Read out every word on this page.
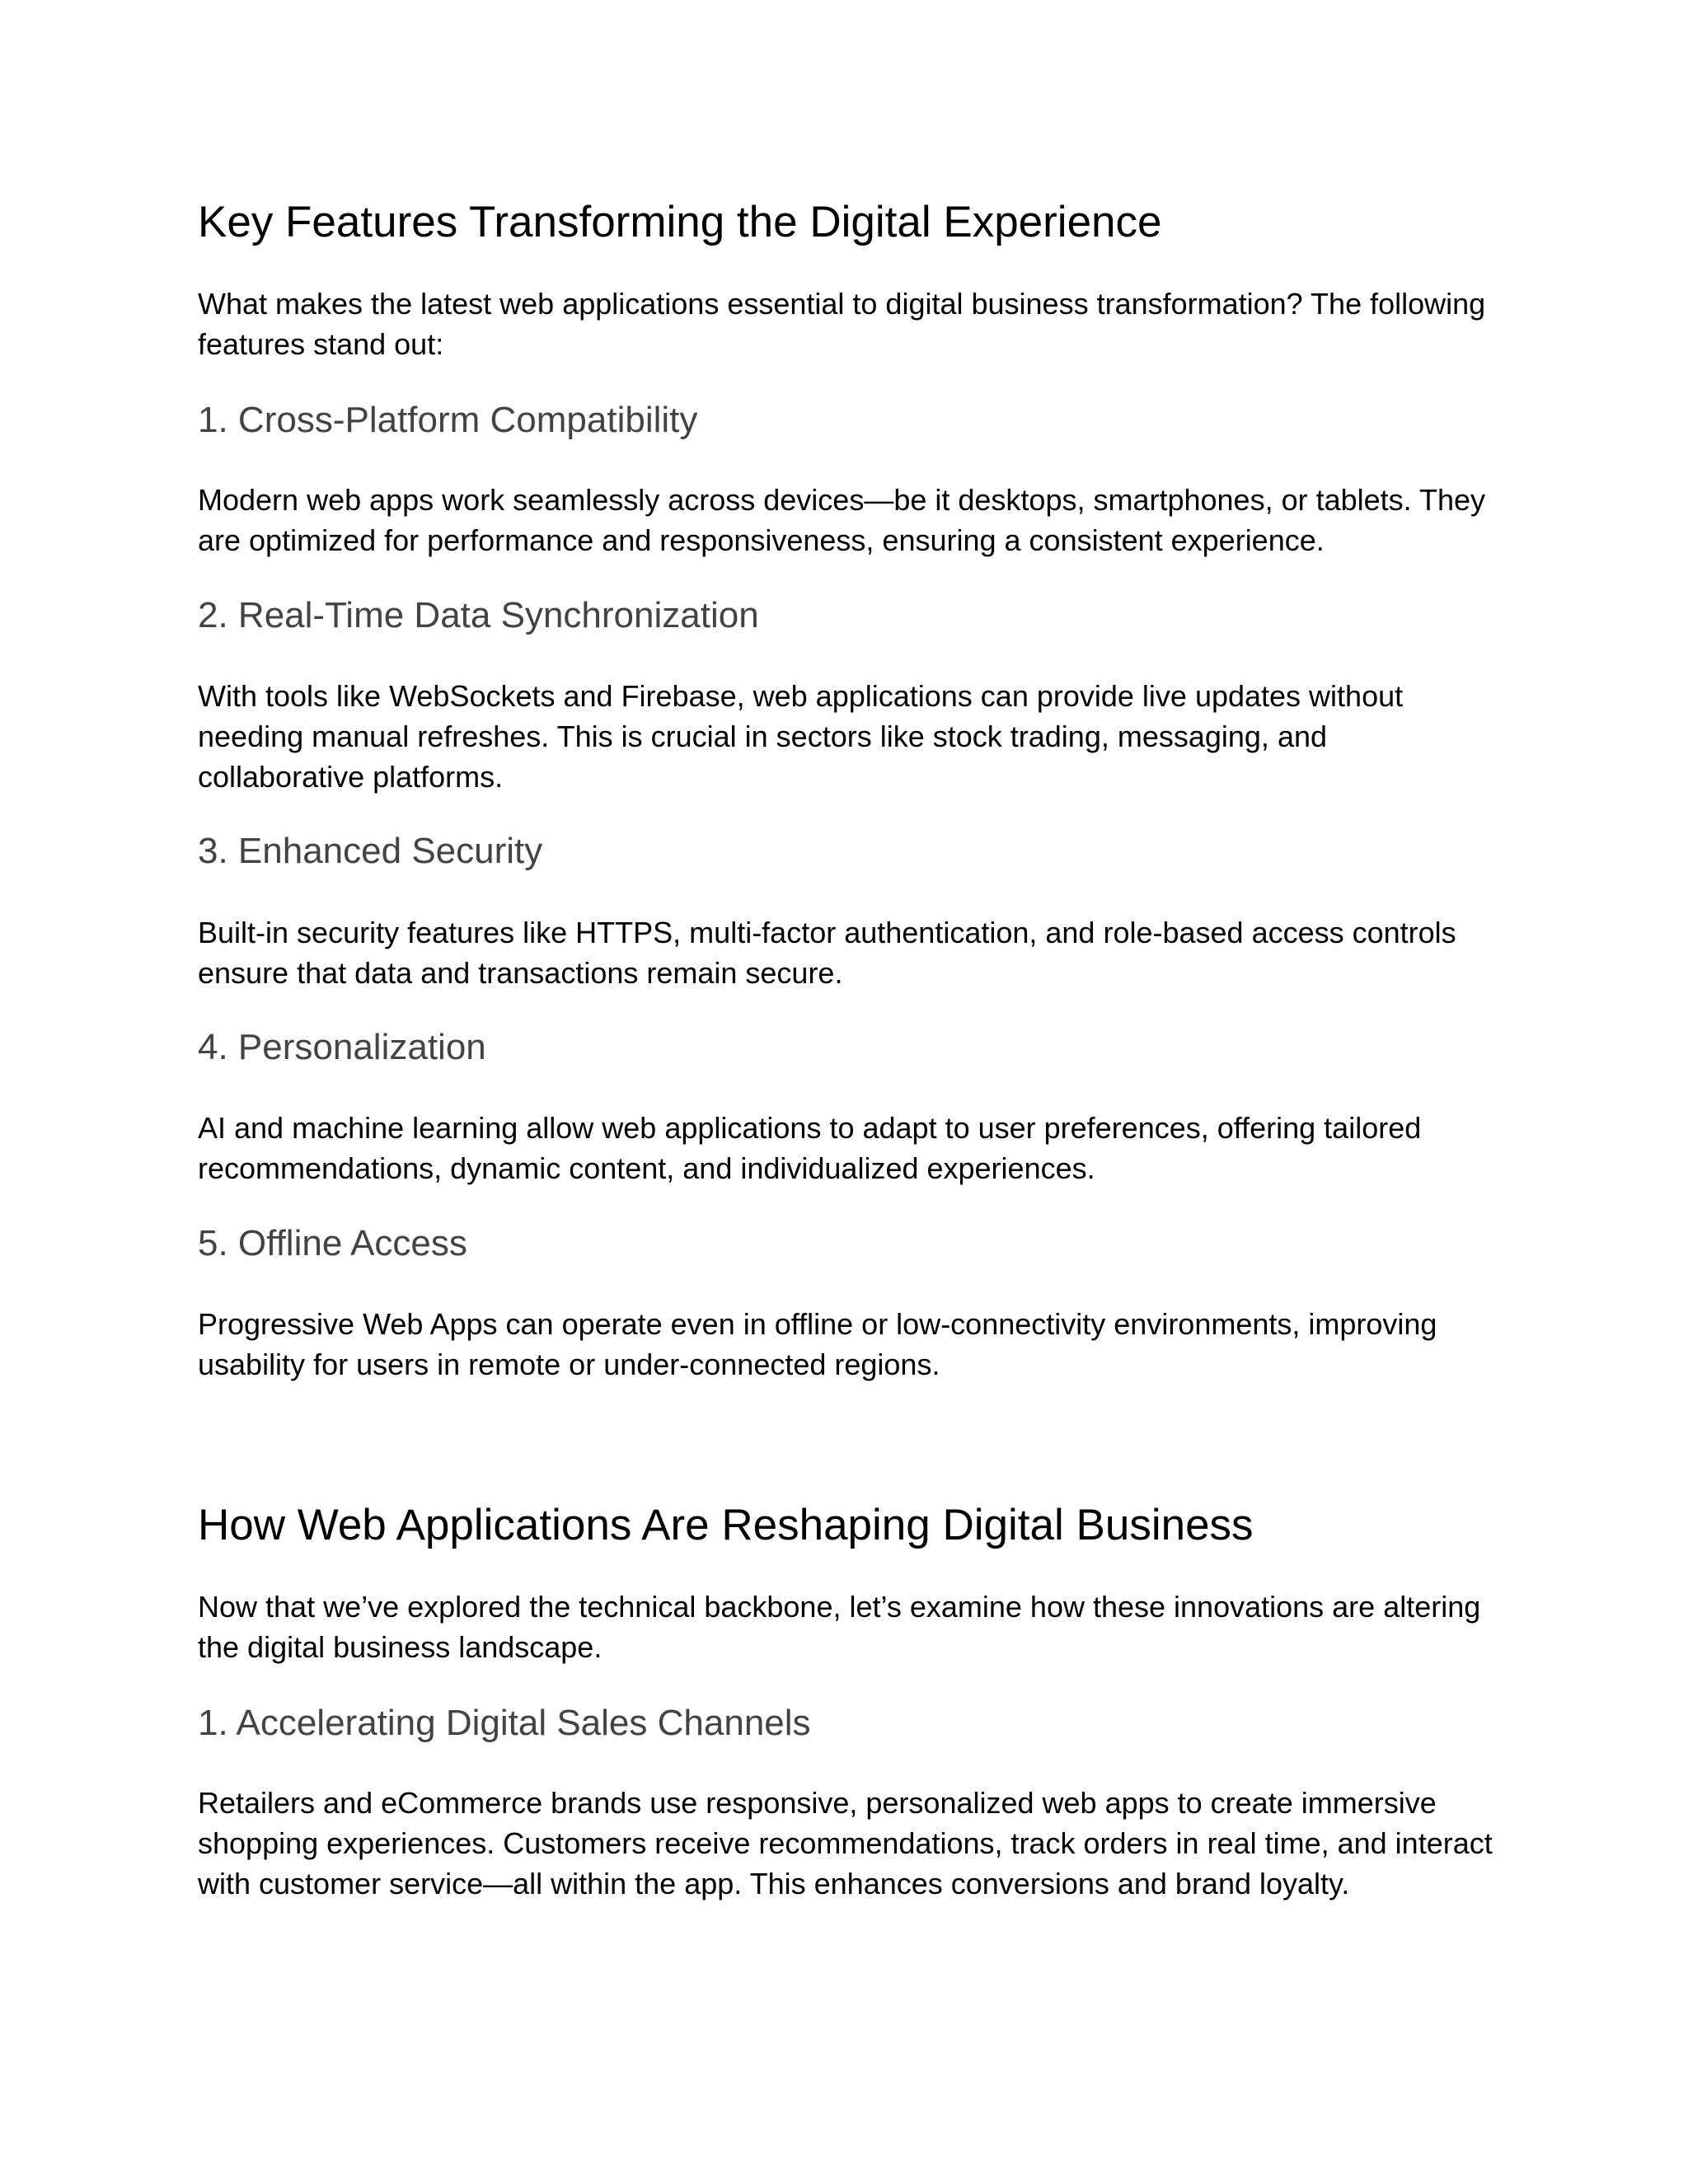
Key Features Transforming the Digital Experience

What makes the latest web applications essential to digital business transformation? The following features stand out:

1. Cross-Platform Compatibility

Modern web apps work seamlessly across devices—be it desktops, smartphones, or tablets. They are optimized for performance and responsiveness, ensuring a consistent experience.

2. Real-Time Data Synchronization

With tools like WebSockets and Firebase, web applications can provide live updates without needing manual refreshes. This is crucial in sectors like stock trading, messaging, and collaborative platforms.

3. Enhanced Security

Built-in security features like HTTPS, multi-factor authentication, and role-based access controls ensure that data and transactions remain secure.

4. Personalization

AI and machine learning allow web applications to adapt to user preferences, offering tailored recommendations, dynamic content, and individualized experiences.

5. Offline Access

Progressive Web Apps can operate even in offline or low-connectivity environments, improving usability for users in remote or under-connected regions.

How Web Applications Are Reshaping Digital Business

Now that we’ve explored the technical backbone, let’s examine how these innovations are altering the digital business landscape.

1. Accelerating Digital Sales Channels

Retailers and eCommerce brands use responsive, personalized web apps to create immersive shopping experiences. Customers receive recommendations, track orders in real time, and interact with customer service—all within the app. This enhances conversions and brand loyalty.
